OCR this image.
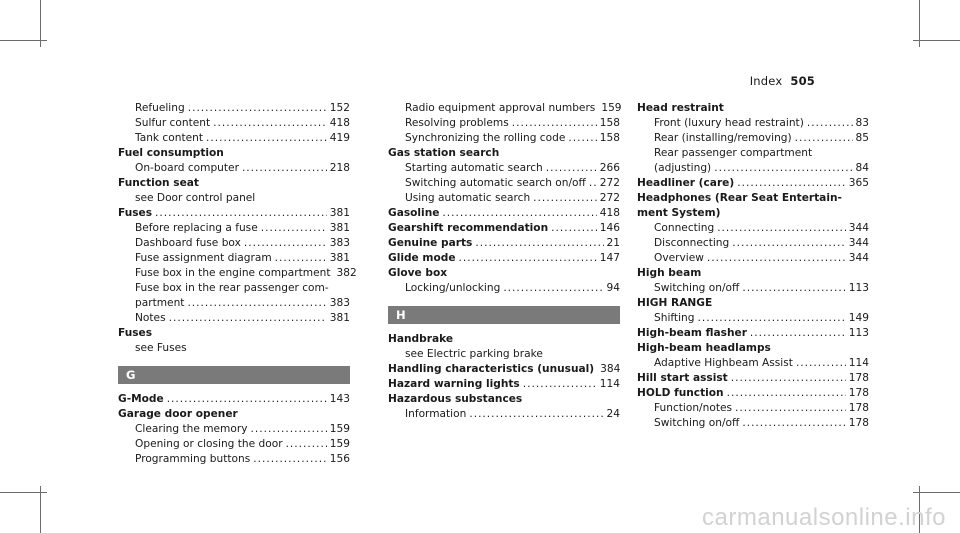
Index 505
Refueling .....	152
Sulfur content .....	418
Tank content .....	419
Fuel consumption
On-board computer .....	218
Function seat
see Door control panel
Fuses .....	381
Before replacing a fuse .....	381
Dashboard fuse box .....	383
Fuse assignment diagram .....	381
Fuse box in the engine compartment 382
Fuse box in the rear passenger com-
partment .....	383
Notes .....	381
Fuses
see Fuses
G
G-Mode .....	143
Garage door opener
Clearing the memory .....	159
Opening or closing the door .....	159
Programming buttons .....	156
Radio equipment approval numbers 159
Resolving problems .....	158
Synchronizing the rolling code .....	158
Gas station search
Starting automatic search .....	266
Switching automatic search on/off ..... 272
Using automatic search .....	272
Gasoline .....	418
Gearshift recommendation .....	146
Genuine parts .....	21
Glide mode .....	147
Glove box
Locking/unlocking .....	94
H
Handbrake
see Electric parking brake
Handling characteristics (unusual) 384
Hazard warning lights .....	114
Hazardous substances
Information .....	24
Head restraint
Front (luxury head restraint) .....	83
Rear (installing/removing) .....	85
Rear passenger compartment
(adjusting) .....	84
Headliner (care) .....	365
Headphones (Rear Seat Entertain-
ment System)
Connecting .....	344
Disconnecting .....	344
Overview .....	344
High beam
Switching on/off .....	113
HIGH RANGE
Shifting .....	149
High-beam flasher .....	113
High-beam headlamps
Adaptive Highbeam Assist .....	114
Hill start assist .....	178
HOLD function .....	178
Function/notes .....	178
Switching on/off .....	178
carmanualsonline.info
